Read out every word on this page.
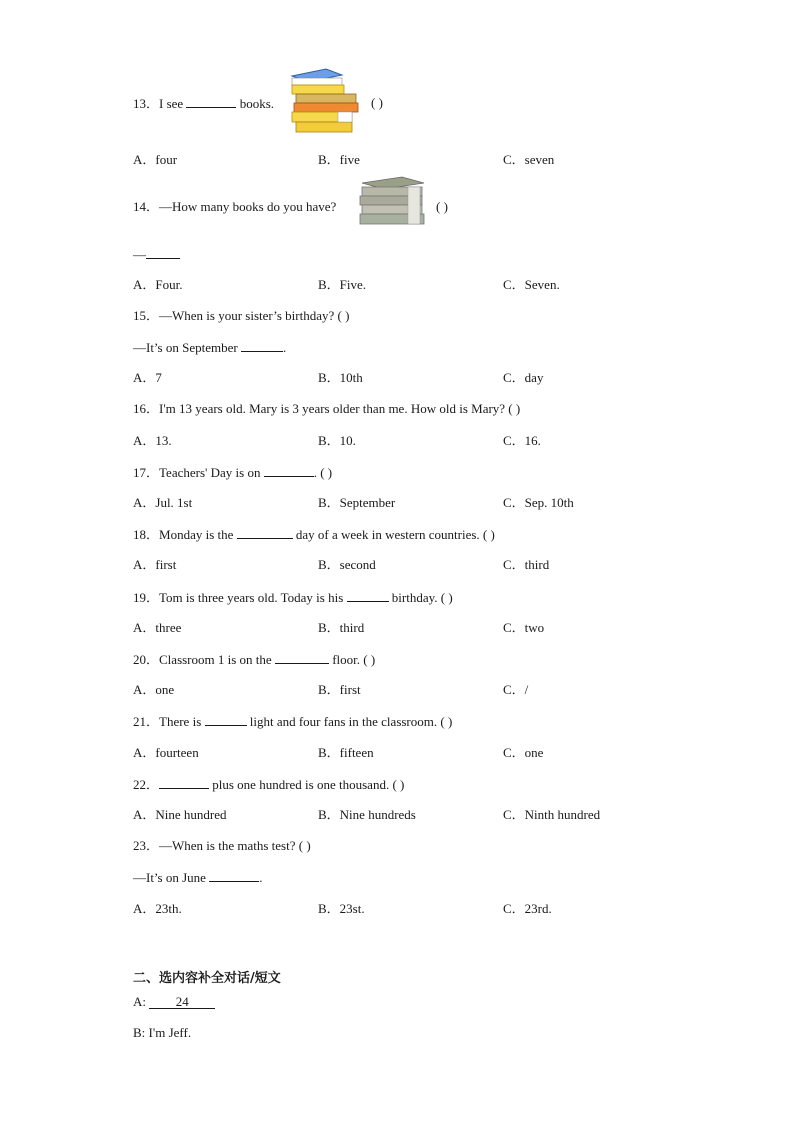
13．I see	books.	( )
A．four	B．five	C．seven
14．—How many books do you have?	( )
—
A．Four.	B．Five.	C．Seven.
15．—When is your sister’s birthday? ( )
—It’s on September	.
A．7	B．10th	C．day
16．I'm 13 years old. Mary is 3 years older than me. How old is Mary? ( )
A．13.	B．10.	C．16.
17．Teachers' Day is on	. ( )
A．Jul. 1st	B．September	C．Sep. 10th
18．Monday is the	day of a week in western countries. ( )
A．first	B．second	C．third
19．Tom is three years old. Today is his	birthday. ( )
A．three	B．third	C．two
20．Classroom 1 is on the	floor. ( )
A．one	B．first	C．/
21．There is	light and four fans in the classroom. ( )
A．fourteen	B．fifteen	C．one
22．	plus one hundred is one thousand. ( )
A．Nine hundred	B．Nine hundreds	C．Ninth hundred
23．—When is the maths test? ( )
—It’s on June	.
A．23th.	B．23st.	C．23rd.
二、选内容补全对话/短文
A: 24
B: I'm Jeff.
